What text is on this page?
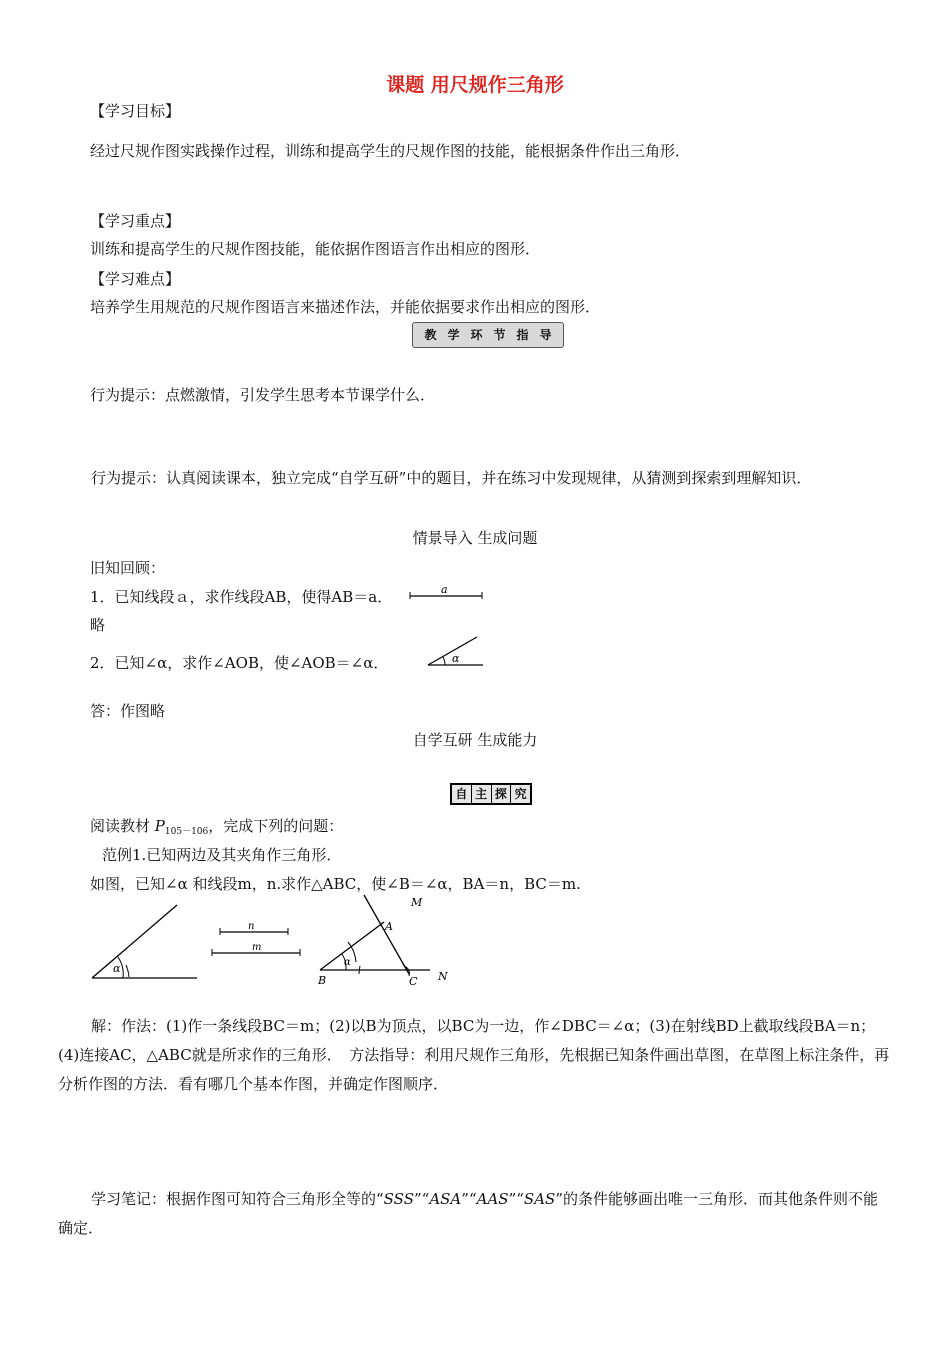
课题 用尺规作三角形
【学习目标】
经过尺规作图实践操作过程，训练和提高学生的尺规作图的技能，能根据条件作出三角形．
【学习重点】
训练和提高学生的尺规作图技能，能依据作图语言作出相应的图形．
【学习难点】
培养学生用规范的尺规作图语言来描述作法，并能依据要求作出相应的图形．
教 学 环 节 指 导
行为提示：点燃激情，引发学生思考本节课学什么．
行为提示：认真阅读课本，独立完成“自学互研”中的题目，并在练习中发现规律，从猜测到探索到理解知识．
情景导入 生成问题
旧知回顾：
1．已知线段ａ，求作线段AB，使得AB＝a．	a
略
2．已知∠α，求作∠AOB，使∠AOB＝∠α．	α
答：作图略
自学互研 生成能力
自 主 探 究
阅读教材 $P_{105-106}$，完成下列的问题：
范例1.已知两边及其夹角作三角形．
如图，已知∠α 和线段m，n.求作△ABC，使∠B＝∠α，BA＝n，BC＝m.
α
n
m
α
M
A
B	C N
解：作法：(1)作一条线段BC＝m；(2)以B为顶点，以BC为一边，作∠DBC＝∠α；(3)在射线BD上截取线段BA＝n；(4)连接AC，△ABC就是所求作的三角形．　方法指导：利用尺规作三角形，先根据已知条件画出草图，在草图上标注条件，再分析作图的方法．看有哪几个基本作图，并确定作图顺序．
学习笔记：根据作图可知符合三角形全等的“SSS”“ASA”“AAS”“SAS”的条件能够画出唯一三角形．而其他条件则不能确定．
